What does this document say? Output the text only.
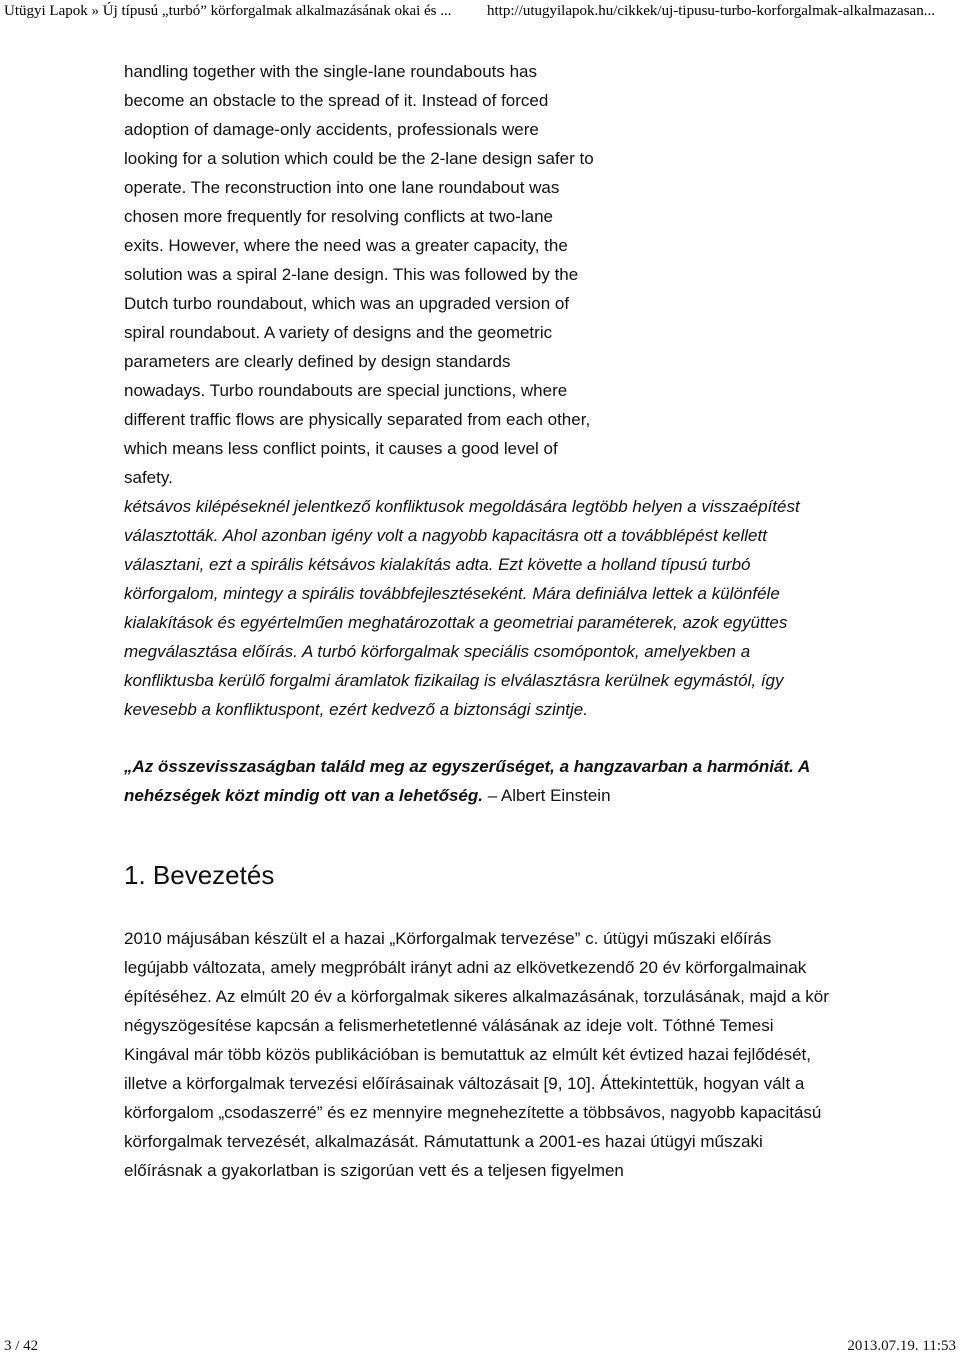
Utügyi Lapok » Új típusú „turbó” körforgalmak alkalmazásának okai és ... http://utugyilapok.hu/cikkek/uj-tipusu-turbo-korforgalmak-alkalmazasan...
handling together with the single-lane roundabouts has become an obstacle to the spread of it. Instead of forced adoption of damage-only accidents, professionals were looking for a solution which could be the 2-lane design safer to operate. The reconstruction into one lane roundabout was chosen more frequently for resolving conflicts at two-lane exits. However, where the need was a greater capacity, the solution was a spiral 2-lane design. This was followed by the Dutch turbo roundabout, which was an upgraded version of spiral roundabout. A variety of designs and the geometric parameters are clearly defined by design standards nowadays. Turbo roundabouts are special junctions, where different traffic flows are physically separated from each other, which means less conflict points, it causes a good level of safety.
kétsávos kilépéseknél jelentkező konfliktusok megoldására legtöbb helyen a visszaépítést választották. Ahol azonban igény volt a nagyobb kapacitásra ott a továbblépést kellett választani, ezt a spirális kétsávos kialakítás adta. Ezt követte a holland típusú turbó körforgalom, mintegy a spirális továbbfejlesztéseként. Mára definiálva lettek a különféle kialakítások és egyértelműen meghatározottak a geometriai paraméterek, azok együttes megválasztása előírás. A turbó körforgalmak speciális csomópontok, amelyekben a konfliktusba kerülő forgalmi áramlatok fizikailag is elválasztásra kerülnek egymástól, így kevesebb a konfliktuspont, ezért kedvező a biztonsági szintje.
„Az összevisszaságban találd meg az egyszerűséget, a hangzavarban a harmóniát. A nehézségek közt mindig ott van a lehetőség. – Albert Einstein
1. Bevezetés
2010 májusában készült el a hazai „Körforgalmak tervezése” c. útügyi műszaki előírás legújabb változata, amely megpróbált irányt adni az elkövetkezendő 20 év körforgalmainak építéséhez. Az elmúlt 20 év a körforgalmak sikeres alkalmazásának, torzulásának, majd a kör négyszögesítése kapcsán a felismerhetetlenné válásának az ideje volt. Tóthné Temesi Kingával már több közös publikációban is bemutattuk az elmúlt két évtized hazai fejlődését, illetve a körforgalmak tervezési előírásainak változásait [9, 10]. Áttekintettük, hogyan vált a körforgalom „csodaszerré” és ez mennyire megnehezítette a többsávos, nagyobb kapacitású körforgalmak tervezését, alkalmazását. Rámutattunk a 2001-es hazai útügyi műszaki előírásnak a gyakorlatban is szigorúan vett és a teljesen figyelmen
3 / 42	2013.07.19. 11:53
